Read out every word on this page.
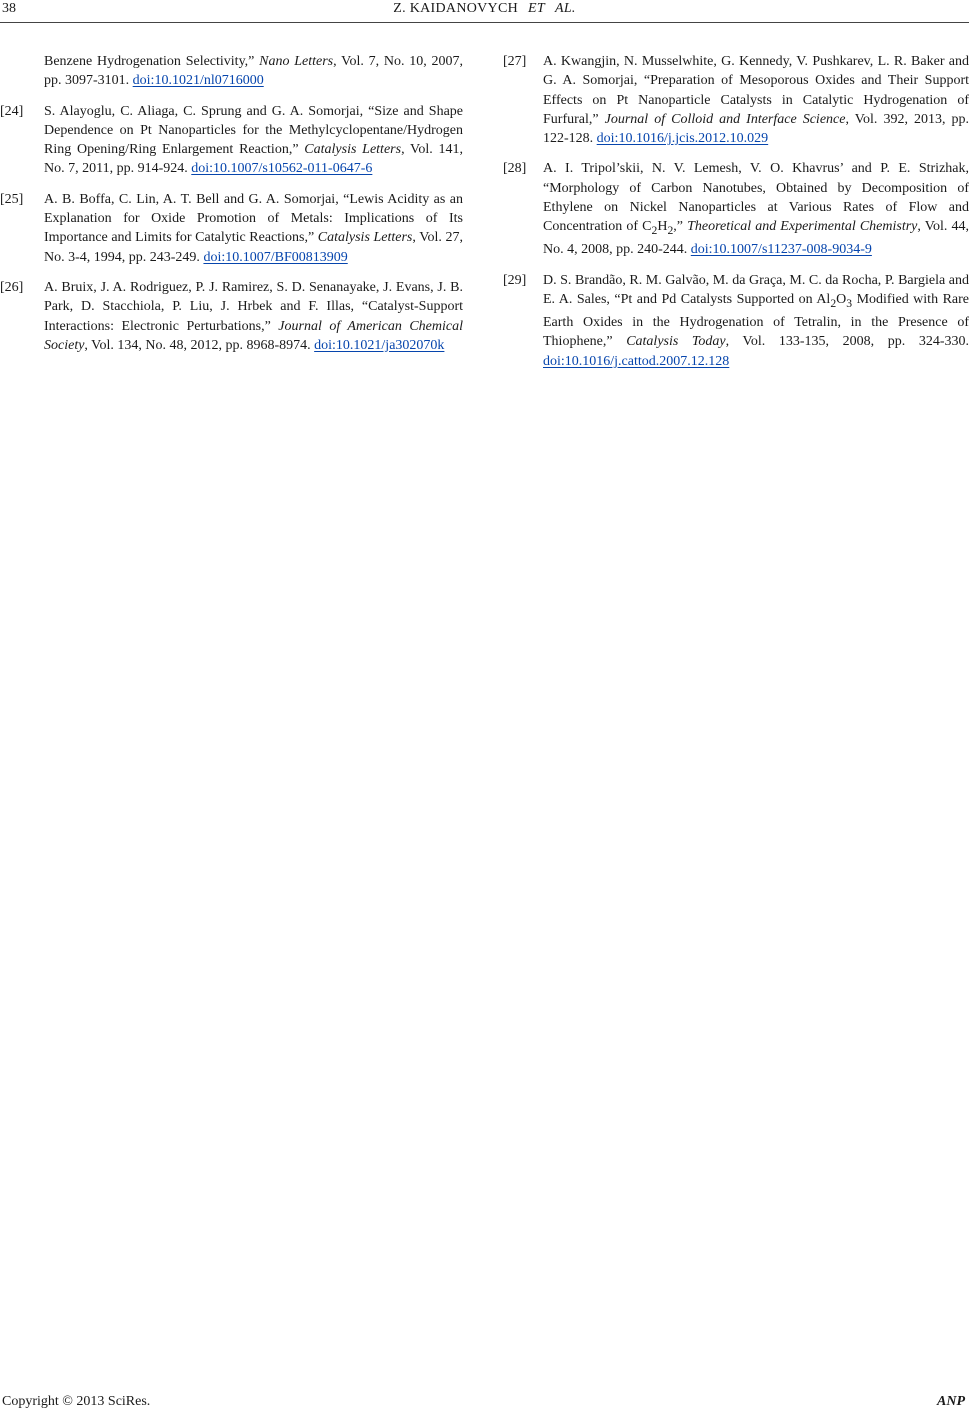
38	Z. KAIDANOVYCH ET AL.
Benzene Hydrogenation Selectivity,” Nano Letters, Vol. 7, No. 10, 2007, pp. 3097-3101. doi:10.1021/nl0716000
[24] S. Alayoglu, C. Aliaga, C. Sprung and G. A. Somorjai, “Size and Shape Dependence on Pt Nanoparticles for the Methylcyclopentane/Hydrogen Ring Opening/Ring Enlargement Reaction,” Catalysis Letters, Vol. 141, No. 7, 2011, pp. 914-924. doi:10.1007/s10562-011-0647-6
[25] A. B. Boffa, C. Lin, A. T. Bell and G. A. Somorjai, “Lewis Acidity as an Explanation for Oxide Promotion of Metals: Implications of Its Importance and Limits for Catalytic Reactions,” Catalysis Letters, Vol. 27, No. 3-4, 1994, pp. 243-249. doi:10.1007/BF00813909
[26] A. Bruix, J. A. Rodriguez, P. J. Ramirez, S. D. Senanayake, J. Evans, J. B. Park, D. Stacchiola, P. Liu, J. Hrbek and F. Illas, “Catalyst-Support Interactions: Electronic Perturbations,” Journal of American Chemical Society, Vol. 134, No. 48, 2012, pp. 8968-8974. doi:10.1021/ja302070k
[27] A. Kwangjin, N. Musselwhite, G. Kennedy, V. Pushkarev, L. R. Baker and G. A. Somorjai, “Preparation of Mesoporous Oxides and Their Support Effects on Pt Nanoparticle Catalysts in Catalytic Hydrogenation of Furfural,” Journal of Colloid and Interface Science, Vol. 392, 2013, pp. 122-128. doi:10.1016/j.jcis.2012.10.029
[28] A. I. Tripol’skii, N. V. Lemesh, V. O. Khavrus’ and P. E. Strizhak, “Morphology of Carbon Nanotubes, Obtained by Decomposition of Ethylene on Nickel Nanoparticles at Various Rates of Flow and Concentration of $C_2H_2$,” Theoretical and Experimental Chemistry, Vol. 44, No. 4, 2008, pp. 240-244. doi:10.1007/s11237-008-9034-9
[29] D. S. Brandão, R. M. Galvão, M. da Graça, M. C. da Rocha, P. Bargiela and E. A. Sales, “Pt and Pd Catalysts Supported on $Al_2O_3$ Modified with Rare Earth Oxides in the Hydrogenation of Tetralin, in the Presence of Thiophene,” Catalysis Today, Vol. 133-135, 2008, pp. 324-330. doi:10.1016/j.cattod.2007.12.128
Copyright © 2013 SciRes.	ANP
